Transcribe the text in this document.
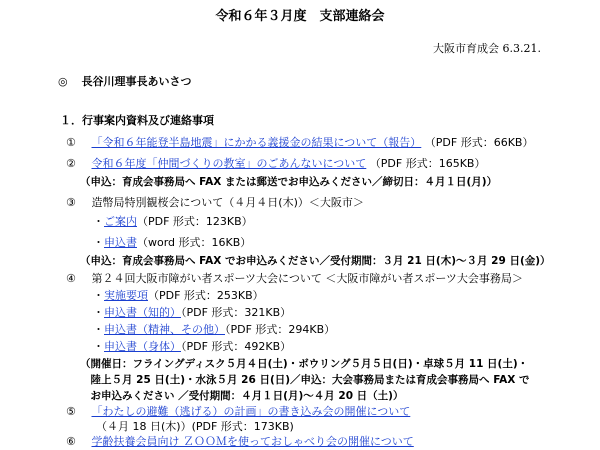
令和６年３月度　支部連絡会
大阪市育成会 6.3.21.
◎ 長谷川理事長あいさつ
１．行事案内資料及び連絡事項
① 「令和６年能登半島地震」にかかる義援金の結果について（報告） （PDF 形式：66KB）
② 令和６年度「仲間づくりの教室」のごあんないについて （PDF 形式：165KB）
（申込：育成会事務局へ FAX または郵送でお申込みください／締切日：４月１日(月)）
③ 造幣局特別観桜会について（４月４日(木)）＜大阪市＞
・ご案内（PDF 形式：123KB）
・申込書（word 形式：16KB）
（申込：育成会事務局へ FAX でお申込みください／受付期間：３月 21 日(木)〜３月 29 日(金)）
④ 第２４回大阪市障がい者スポーツ大会について ＜大阪市障がい者スポーツ大会事務局＞
・実施要項（PDF 形式：253KB）
・申込書（知的）（PDF 形式：321KB）
・申込書（精神、その他）（PDF 形式：294KB）
・申込書（身体）（PDF 形式：492KB）
（開催日：フライングディスク５月４日(土)・ボウリング５月５日(日)・卓球５月 11 日(土)・
　陸上５月 25 日(土)・水泳５月 26 日(日)／申込：大会事務局または育成会事務局へ FAX で
　お申込みください ／受付期間：４月１日(月)〜４月 20 日（土)）
⑤ 「わたしの避難（逃げる）の計画」の書き込み会の開催について
（４月 18 日(木)）(PDF 形式：173KB)
⑥ 学齢扶養会員向け ＺＯＯＭを使っておしゃべり会の開催について
